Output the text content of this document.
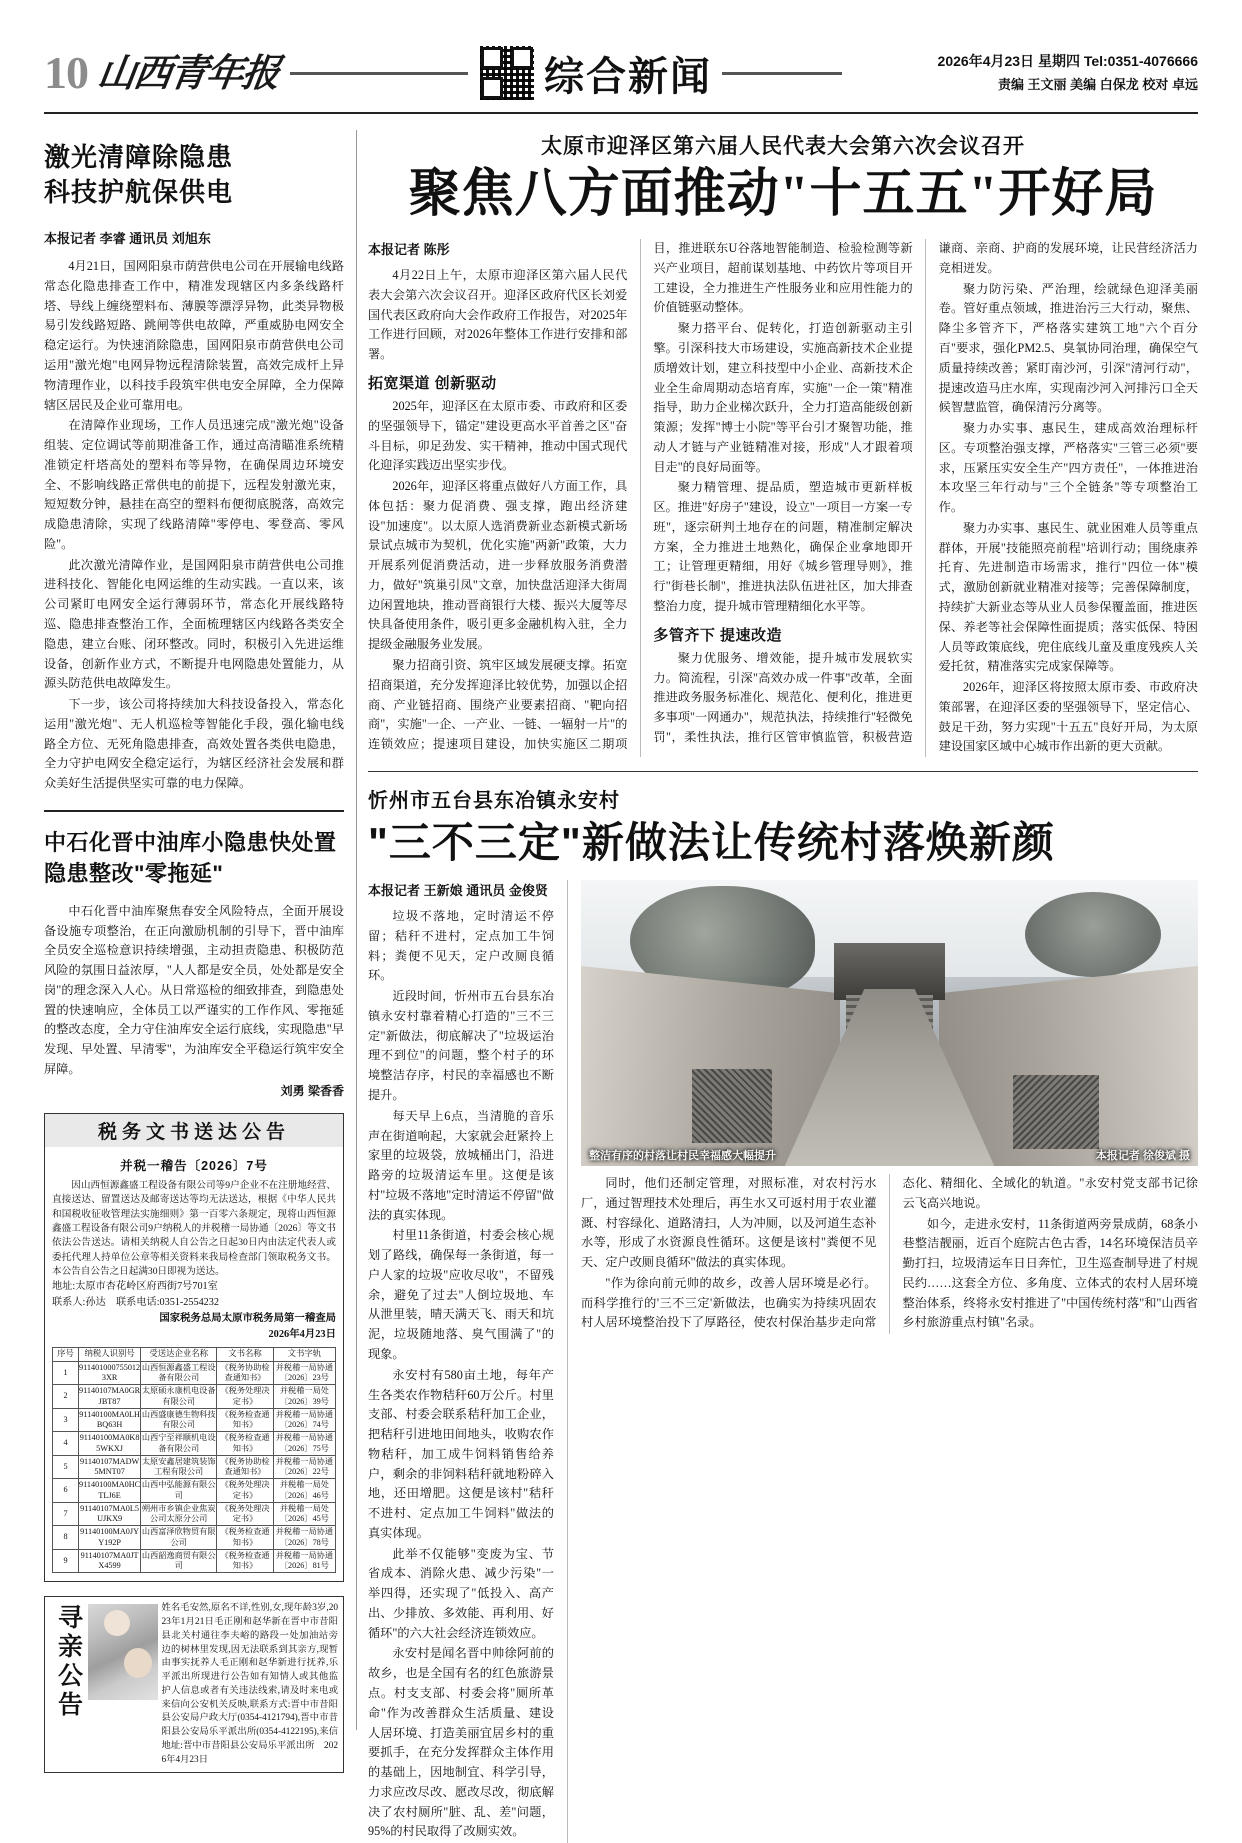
10 山西青年报	综合新闻	2026年4月23日 星期四 Tel:0351-4076666
责编 王文丽 美编 白保龙 校对 卓远
激光清障除隐患
科技护航保供电
本报记者 李睿 通讯员 刘旭东

4月21日，国网阳泉市荫营供电公司在开展输电线路常态化隐患排查工作中，精准发现辖区内多条线路杆塔、导线上缠绕塑料布、薄膜等漂浮异物，此类异物极易引发线路短路、跳闸等供电故障，严重威胁电网安全稳定运行。为快速消除隐患，国网阳泉市荫营供电公司运用"激光炮"电网异物远程清除装置，高效完成杆上异物清理作业，以科技手段筑牢供电安全屏障，全力保障辖区居民及企业可靠用电。

在清障作业现场，工作人员迅速完成"激光炮"设备组装、定位调试等前期准备工作，通过高清瞄准系统精准锁定杆塔高处的塑料布等异物，在确保周边环境安全、不影响线路正常供电的前提下，远程发射激光束，短短数分钟，悬挂在高空的塑料布便彻底脱落，高效完成隐患清除，实现了线路清障"零停电、零登高、零风险"。

此次激光清障作业，是国网阳泉市荫营供电公司推进科技化、智能化电网运维的生动实践。一直以来，该公司紧盯电网安全运行薄弱环节，常态化开展线路特巡、隐患排查整治工作，全面梳理辖区内线路各类安全隐患，建立台账、闭环整改。同时，积极引入先进运维设备，创新作业方式，不断提升电网隐患处置能力，从源头防范供电故障发生。

下一步，该公司将持续加大科技设备投入，常态化运用"激光炮"、无人机巡检等智能化手段，强化输电线路全方位、无死角隐患排查，高效处置各类供电隐患，全力守护电网安全稳定运行，为辖区经济社会发展和群众美好生活提供坚实可靠的电力保障。

中石化晋中油库小隐患快处置 隐患整改"零拖延"

中石化晋中油库聚焦春安全风险特点，全面开展设备设施专项整治，在正向激励机制的引导下，晋中油库全员安全巡检意识持续增强，主动担责隐患、积极防范风险的氛围日益浓厚，"人人都是安全员，处处都是安全岗"的理念深入人心。从日常巡检的细致排查，到隐患处置的快速响应，全体员工以严谨实的工作作风、零拖延的整改态度，全力守住油库安全运行底线，实现隐患"早发现、早处置、早清零"，为油库安全平稳运行筑牢安全屏障。

刘勇 梁香香
税务文书送达公告
并税一稽告〔2026〕7号

因山西恒源鑫盛工程设备有限公司等9户企业不在注册地经营、直接送达、留置送达及邮寄送达等均无法送达，根据《中华人民共和国税收征收管理法实施细则》第一百零六条规定，现将山西恒源鑫盛工程设备有限公司9户纳税人的并税稽一局协通〔2026〕等文书依法公告送达。请相关纳税人自公告之日起30日内由法定代表人或委托代理人持单位公章等相关资料来我局检查部门领取税务文书。本公告自公告之日起满30日即视为送达。

地址:太原市杏花岭区府西街7号701室

联系人:孙达　联系电话:0351-2554232

国家税务总局太原市税务局第一稽查局
2026年4月23日
序号	纳税人识别号	受送达企业名称	文书名称	文书字轨
1	9114010007550123XR	山西恒源鑫盛工程设备有限公司	《税务协助检查通知书》	并税稽一局协通〔2026〕23号
2	91140107MA0GRJBT87	太原硕永康机电设备有限公司	《税务处理决定书》	并税稽一局处〔2026〕39号
3	91140100MA0LHBQ63H	山西盛康德生物科技有限公司	《税务检查通知书》	并税稽一局协通〔2026〕74号
4	91140100MA0K85WKXJ	山西宁至祥顺机电设备有限公司	《税务检查通知书》	并税稽一局协通〔2026〕75号
5	91140107MADW5MNT07	太原安鑫居建筑装饰工程有限公司	《税务协助检查通知书》	并税稽一局协通〔2026〕22号
6	91140100MA0HCTLJ6E	山西中弘能源有限公司	《税务处理决定书》	并税稽一局处〔2026〕46号
7	91140107MA0L5UJKX9	朔州市乡镇企业焦炭公司太原分公司	《税务处理决定书》	并税稽一局处〔2026〕45号
8	91140100MA0JYY192P	山西富泽欣物贸有限公司	《税务检查通知书》	并税稽一局协通〔2026〕78号
9	91140107MA0JTX4599	山西韶逸商贸有限公司	《税务检查通知书》	并税稽一局协通〔2026〕81号
寻亲公告	姓名毛安然,原名不详,性别,女,现年龄3岁,2023年1月21日毛正刚和赵华新在晋中市昔阳县北关村通往李夫峪的路段一处加油站旁边的树林里发现,因无法联系到其亲方,现暂由事实抚养人毛正刚和赵华新进行抚养,乐平派出所现进行公告如有知情人或其他监护人信息或者有关违法线索,请及时来电或来信向公安机关反映,联系方式:晋中市昔阳县公安局户政大厅(0354-4121794),晋中市昔阳县公安局乐平派出所(0354-4122195),来信地址:晋中市昔阳县公安局乐平派出所　2026年4月23日
太原市迎泽区第六届人民代表大会第六次会议召开
聚焦八方面推动"十五五"开好局
本报记者 陈彤

4月22日上午，太原市迎泽区第六届人民代表大会第六次会议召开。迎泽区政府代区长刘爱国代表区政府向大会作政府工作报告，对2025年工作进行回顾，对2026年整体工作进行安排和部署。

拓宽渠道 创新驱动

2025年，迎泽区在太原市委、市政府和区委的坚强领导下，锚定"建设更高水平首善之区"奋斗目标，卯足劲发、实干精神，推动中国式现代化迎泽实践迈出坚实步伐。

2026年，迎泽区将重点做好八方面工作，具体包括：聚力促消费、强支撑，跑出经济建设"加速度"。以太原人选消费新业态新模式新场景试点城市为契机，优化实施"两新"政策，大力开展系列促消费活动，进一步释放服务消费潜力，做好"筑巢引凤"文章，加快盘活迎泽大街周边闲置地块，推动晋商银行大楼、振兴大厦等尽快具备使用条件，吸引更多金融机构入驻，全力提级金融服务业发展。

聚力招商引资、筑牢区域发展硬支撑。拓宽招商渠道，充分发挥迎泽比较优势，加强以企招商、产业链招商、围绕产业要素招商、"靶向招商"，实施"一企、一产业、一链、一辐射一片"的连锁效应；提速项目建设，加快实施区二期项目，推进联东U谷落地智能制造、检验检测等新兴产业项目，超前谋划基地、中药饮片等项目开工建设，全力推进生产性服务业和应用性能力的价值链驱动整体。

聚力搭平台、促转化，打造创新驱动主引擎。引深科技大市场建设，实施高新技术企业提质增效计划，建立科技型中小企业、高新技术企业全生命周期动态培育库，实施"一企一策"精准指导，助力企业梯次跃升，全力打造高能级创新策源；发挥"博士小院"等平台引才聚智功能，推动人才链与产业链精准对接，形成"人才跟着项目走"的良好局面等。

聚力精管理、提品质，塑造城市更新样板区。推进"好房子"建设，设立"一项目一方案一专班"，逐宗研判土地存在的问题，精准制定解决方案，全力推进土地熟化，确保企业拿地即开工；让管理更精细，用好《城乡管理导则》，推行"街巷长制"，推进执法队伍进社区，加大排查整治力度，提升城市管理精细化水平等。

多管齐下 提速改造

聚力优服务、增效能，提升城市发展软实力。简流程，引深"高效办成一件事"改革，全面推进政务服务标准化、规范化、便利化，推进更多事项"一网通办"，规范执法，持续推行"轻微免罚"，柔性执法，推行区管审慎监管，积极营造谦商、亲商、护商的发展环境，让民营经济活力竞相迸发。

聚力防污染、严治理，绘就绿色迎泽美丽卷。管好重点领域，推进治污三大行动，聚焦、降尘多管齐下，严格落实建筑工地"六个百分百"要求，强化PM2.5、臭氧协同治理，确保空气质量持续改善；紧盯南沙河，引深"清河行动"，提速改造马庄水库，实现南沙河入河排污口全天候智慧监管，确保清污分离等。

聚力办实事、惠民生，建成高效治理标杆区。专项整治强支撑，严格落实"三管三必须"要求，压紧压实安全生产"四方责任"，一体推进治本攻坚三年行动与"三个全链条"等专项整治工作。

聚力办实事、惠民生、就业困难人员等重点群体，开展"技能照亮前程"培训行动；围绕康养托育、先进制造市场需求，推行"四位一体"模式，激励创新就业精准对接等；完善保障制度，持续扩大新业态等从业人员参保覆盖面，推进医保、养老等社会保障性面提质；落实低保、特困人员等政策底线，兜住底线儿童及重度残疾人关爱托贫，精准落实完成家保障等。

2026年，迎泽区将按照太原市委、市政府决策部署，在迎泽区委的坚强领导下，坚定信心、鼓足干劲，努力实现"十五五"良好开局，为太原建设国家区域中心城市作出新的更大贡献。

忻州市五台县东冶镇永安村
"三不三定"新做法让传统村落焕新颜
本报记者 王新娘 通讯员 金俊贤

垃圾不落地，定时清运不停留；秸秆不进村，定点加工牛饲料；粪便不见天，定户改厕良循环。

近段时间，忻州市五台县东冶镇永安村靠着精心打造的"三不三定"新做法，彻底解决了"垃圾运治理不到位"的问题，整个村子的环境整洁存序，村民的幸福感也不断提升。

每天早上6点，当清脆的音乐声在街道响起，大家就会赶紧拎上家里的垃圾袋，放城桶出门，沿进路旁的垃圾清运车里。这便是该村"垃圾不落地"定时清运不停留"做法的真实体现。

村里11条街道，村委会核心规划了路线，确保每一条街道，每一户人家的垃圾"应收尽收"，不留残余，避免了过去"人倒垃圾地、车从泄里装，晴天满天飞、雨天和坑泥，垃圾随地落、臭气围满了"的现象。

永安村有580亩土地，每年产生各类农作物秸秆60万公斤。村里支部、村委会联系秸秆加工企业，把秸秆引进地田间地头，收购农作物秸秆，加工成牛饲料销售给养户，剩余的非饲料秸秆就地粉碎入地，还田增肥。这便是该村"秸秆不进村、定点加工牛饲料"做法的真实体现。

此举不仅能够"变废为宝、节省成本、消除火患、减少污染"一举四得，还实现了"低投入、高产出、少排放、多效能、再利用、好循环"的六大社会经济连锁效应。

永安村是闻名晋中帅徐阿前的故乡，也是全国有名的红色旅游景点。村支支部、村委会将"厕所革命"作为改善群众生活质量、建设人居环境、打造美丽宜居乡村的重要抓手，在充分发挥群众主体作用的基础上，因地制宜、科学引导，力求应改尽改、愿改尽改，彻底解决了农村厕所"脏、乱、差"问题，95%的村民取得了改厕实效。

整洁有序的村落让村民幸福感大幅提升	本报记者 徐俊斌 摄

同时，他们还制定管理，对照标准，对农村污水厂，通过智理技术处理后，再生水又可返村用于农业灌溉、村容绿化、道路清扫，人为冲厕，以及河道生态补水等，形成了水资源良性循环。这便是该村"粪便不见天、定户改厕良循环"做法的真实体现。

"作为徐向前元帅的故乡，改善人居环境是必行。而科学推行的'三不三定'新做法，也确实为持续巩固农村人居环境整治投下了厚路径，使农村保治基步走向常态化、精细化、全域化的轨道。"永安村党支部书记徐云飞高兴地说。

如今，走进永安村，11条街道两旁景成荫，68条小巷整洁靓丽，近百个庭院古色古香，14名环境保洁员辛勤打扫，垃圾清运车日日奔忙，卫生巡查制导进了村规民约……这套全方位、多角度、立体式的农村人居环境整治体系，终将永安村推进了"中国传统村落"和"山西省乡村旅游重点村镇"名录。
